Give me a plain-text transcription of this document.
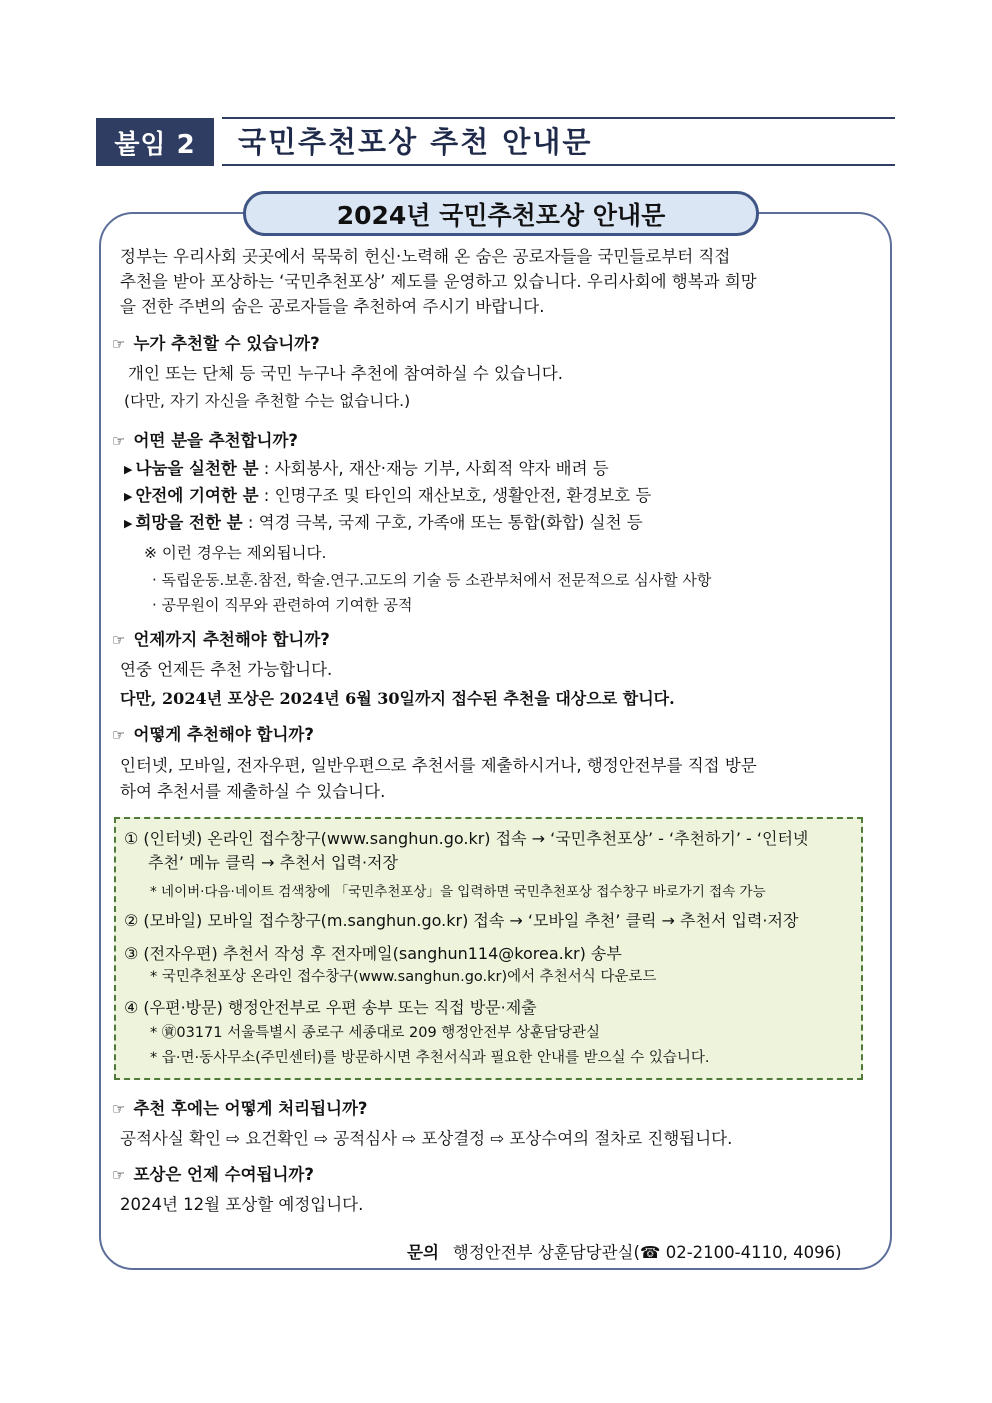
붙임 2	국민추천포상 추천 안내문
2024년 국민추천포상 안내문
정부는 우리사회 곳곳에서 묵묵히 헌신·노력해 온 숨은 공로자들을 국민들로부터 직접
추천을 받아 포상하는 ‘국민추천포상’ 제도를 운영하고 있습니다. 우리사회에 행복과 희망
을 전한 주변의 숨은 공로자들을 추천하여 주시기 바랍니다.
☞ 누가 추천할 수 있습니까?
개인 또는 단체 등 국민 누구나 추천에 참여하실 수 있습니다.
(다만, 자기 자신을 추천할 수는 없습니다.)
☞ 어떤 분을 추천합니까?
▶ 나눔을 실천한 분 : 사회봉사, 재산·재능 기부, 사회적 약자 배려 등
▶ 안전에 기여한 분 : 인명구조 및 타인의 재산보호, 생활안전, 환경보호 등
▶ 희망을 전한 분 : 역경 극복, 국제 구호, 가족애 또는 통합(화합) 실천 등
※ 이런 경우는 제외됩니다.
· 독립운동.보훈.참전, 학술.연구.고도의 기술 등 소관부처에서 전문적으로 심사할 사항
· 공무원이 직무와 관련하여 기여한 공적
☞ 언제까지 추천해야 합니까?
연중 언제든 추천 가능합니다.
다만, 2024년 포상은 2024년 6월 30일까지 접수된 추천을 대상으로 합니다.
☞ 어떻게 추천해야 합니까?
인터넷, 모바일, 전자우편, 일반우편으로 추천서를 제출하시거나, 행정안전부를 직접 방문
하여 추천서를 제출하실 수 있습니다.
① (인터넷) 온라인 접수창구(www.sanghun.go.kr) 접속 → ‘국민추천포상’ - ‘추천하기’ - ‘인터넷
추천’ 메뉴 클릭 → 추천서 입력·저장
* 네이버·다음·네이트 검색창에 「국민추천포상」을 입력하면 국민추천포상 접수창구 바로가기 접속 가능
② (모바일) 모바일 접수창구(m.sanghun.go.kr) 접속 → ‘모바일 추천’ 클릭 → 추천서 입력·저장
③ (전자우편) 추천서 작성 후 전자메일(sanghun114@korea.kr) 송부
* 국민추천포상 온라인 접수창구(www.sanghun.go.kr)에서 추천서식 다운로드
④ (우편·방문) 행정안전부로 우편 송부 또는 직접 방문·제출
* ㊮03171 서울특별시 종로구 세종대로 209 행정안전부 상훈담당관실
* 읍·면·동사무소(주민센터)를 방문하시면 추천서식과 필요한 안내를 받으실 수 있습니다.
☞ 추천 후에는 어떻게 처리됩니까?
공적사실 확인 ⇨ 요건확인 ⇨ 공적심사 ⇨ 포상결정 ⇨ 포상수여의 절차로 진행됩니다.
☞ 포상은 언제 수여됩니까?
2024년 12월 포상할 예정입니다.
문의 행정안전부 상훈담당관실(☎ 02-2100-4110, 4096)
